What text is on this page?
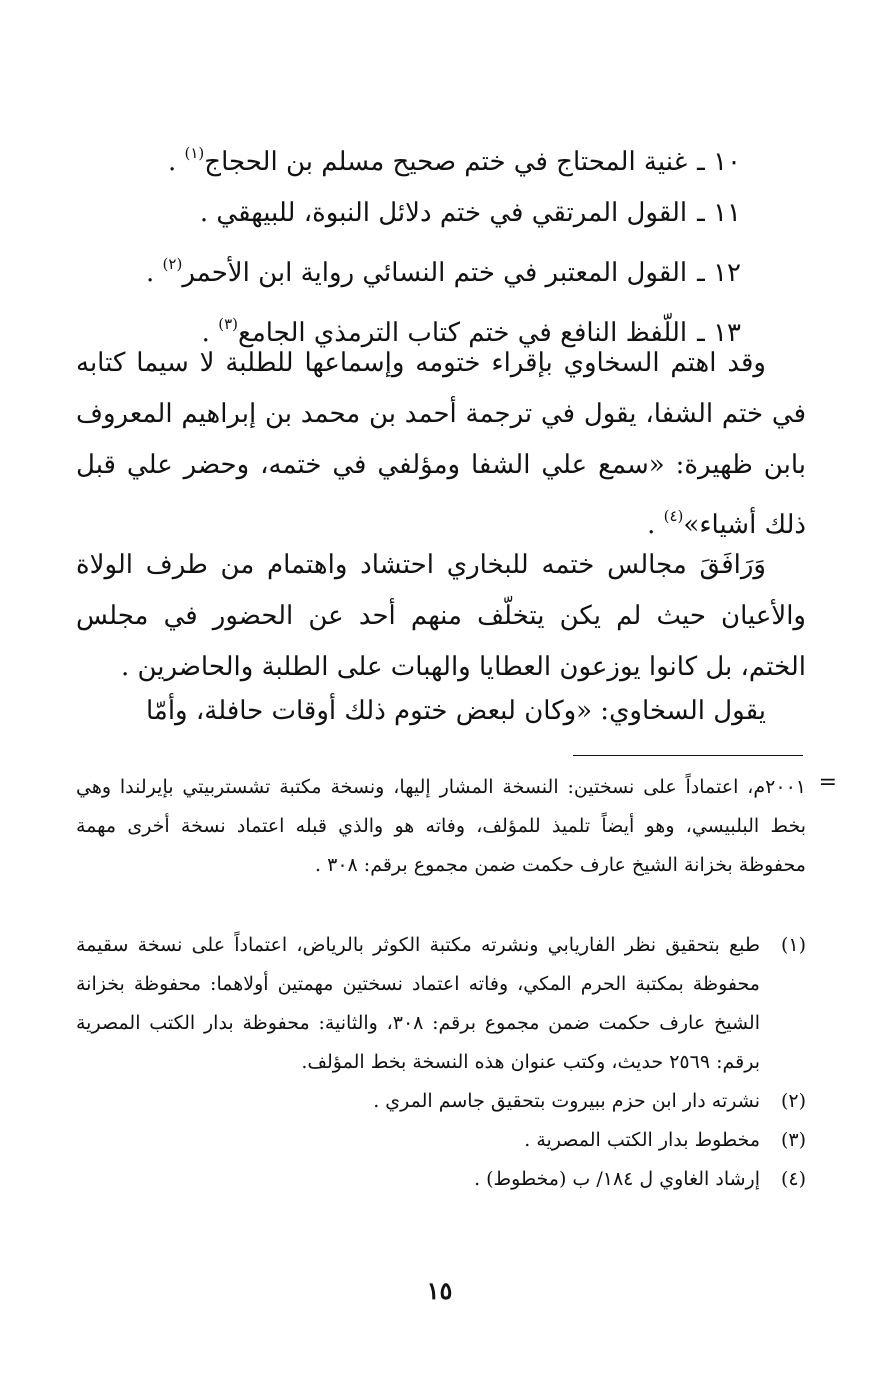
١٠ ـغنية المحتاج في ختم صحيح مسلم بن الحجاج$^{(١)}$ .
١١ ـالقول المرتقي في ختم دلائل النبوة، للبيهقي .
١٢ ـالقول المعتبر في ختم النسائي رواية ابن الأحمر$^{(٢)}$ .
١٣ ـاللّفظ النافع في ختم كتاب الترمذي الجامع$^{(٣)}$ .
وقد اهتم السخاوي بإقراء ختومه وإسماعها للطلبة لا سيما كتابه في ختم الشفا، يقول في ترجمة أحمد بن محمد بن إبراهيم المعروف بابن ظهيرة: «سمع علي الشفا ومؤلفي في ختمه، وحضر علي قبل ذلك أشياء»$^{(٤)}$ .
وَرَافَقَ مجالس ختمه للبخاري احتشاد واهتمام من طرف الولاة والأعيان حيث لم يكن يتخلّف منهم أحد عن الحضور في مجلس الختم، بل كانوا يوزعون العطايا والهبات على الطلبة والحاضرين .
يقول السخاوي: «وكان لبعض ختوم ذلك أوقات حافلة، وأمّا
=
٢٠٠١م، اعتماداً على نسختين: النسخة المشار إليها، ونسخة مكتبة تشستربيتي بإيرلندا وهي بخط البلبيسي، وهو أيضاً تلميذ للمؤلف، وفاته هو والذي قبله اعتماد نسخة أخرى مهمة محفوظة بخزانة الشيخ عارف حكمت ضمن مجموع برقم: ٣٠٨ .
(١)
طبع بتحقيق نظر الفاريابي ونشرته مكتبة الكوثر بالرياض، اعتماداً على نسخة سقيمة محفوظة بمكتبة الحرم المكي، وفاته اعتماد نسختين مهمتين أولاهما: محفوظة بخزانة الشيخ عارف حكمت ضمن مجموع برقم: ٣٠٨، والثانية: محفوظة بدار الكتب المصرية برقم: ٢٥٦٩ حديث، وكتب عنوان هذه النسخة بخط المؤلف.
(٢)
نشرته دار ابن حزم ببيروت بتحقيق جاسم المري .
(٣)
مخطوط بدار الكتب المصرية .
(٤)
إرشاد الغاوي ل ١٨٤/ ب (مخطوط) .
١٥
